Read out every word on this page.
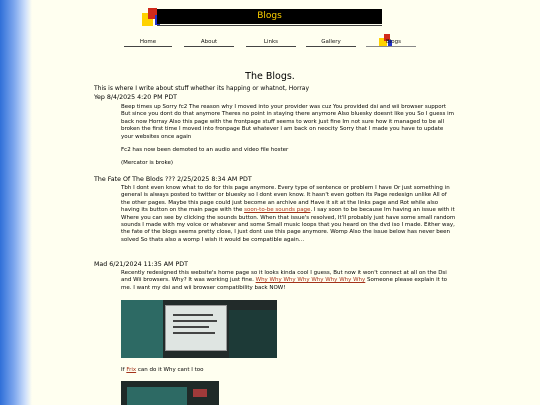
Blogs
Home	About	Links	Gallery	Blogs
The Blogs.
This is where I write about stuff whether its happing or whatnot, Horray
Yep 8/4/2025 4:20 PM PDT

Beep times up Sorry fc2 The reason why I moved into your provider was cuz You provided dsi and wii browser support But since you dont do that anymore Theres no point in staying there anymore Also bluesky doesnt like you So I guess im back now Horray Also this page with the frontpage stuff seems to work just fine Im not sure how it managed to be all broken the first time I moved into fronpage But whatever I am back on neocity Sorry that I made you have to update your websites once again

Fc2 has now been demoted to an audio and video file hoster

(Mercator is broke)

The Fate Of The Blods ??? 2/25/2025 8:34 AM PDT

Tbh I dont even know what to do for this page anymore. Every type of sentence or problem I have Or just something in general is always posted to twitter or bluesky so I dont even know. It hasn't even gotten its Page redesign unlike All of the other pages. Maybe this page could just become an archive and Have it sit at the links page and Rot while also having its button on the main page with the soon-to-be sounds page. I say soon to be because Im having an issue with it Where you can see by clicking the sounds button. When that issue's resolved, It'll probably just have some small random sounds I made with my voice or whatever and some Small music loops that you heard on the dvd iso I made. Either way, the fate of the blogs seems pretty close, I just dont use this page anymore. Womp Also the issue below has never been solved So thats also a womp I wish it would be compatible again...

Mad 6/21/2024 11:35 AM PDT

Recently redesigned this website's home page so it looks kinda cool I guess, But now it won't connect at all on the Dsi and Wii browsers. Why? It was working just fine. Why Why Why Why Why Why Why Why Someone please explain it to me. I want my dsi and wii browser compatibility back NOW!

If Frix can do it Why cant I too
